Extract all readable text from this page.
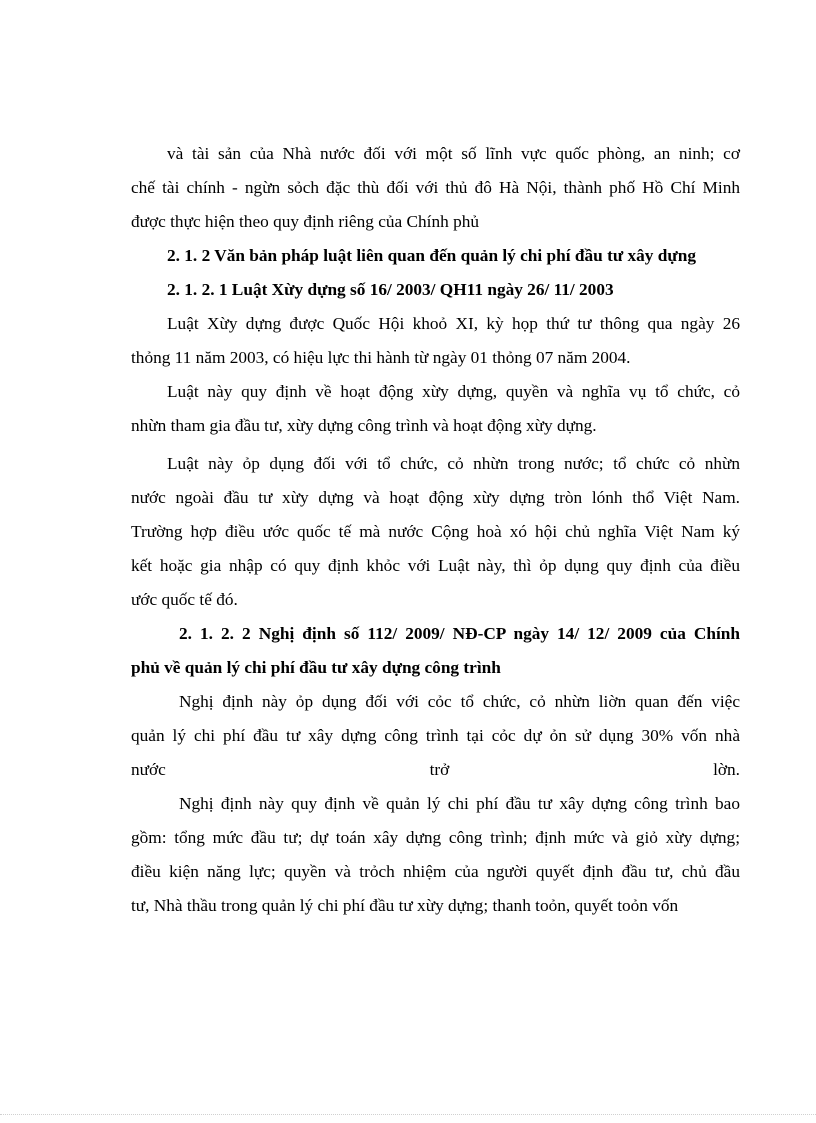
và tài sản của Nhà nước đối với một số lĩnh vực quốc phòng, an ninh; cơ
chế tài chính - ngừn sỏch đặc thù đối với thủ đô Hà Nội, thành phố Hồ Chí Minh
được thực hiện theo quy định riêng của Chính phủ
2. 1. 2 Văn bản pháp luật liên quan đến quản lý chi phí đầu tư xây dựng
2. 1. 2. 1 Luật Xừy dựng số 16/ 2003/ QH11 ngày 26/ 11/ 2003
Luật Xừy dựng được Quốc Hội khoỏ XI, kỳ họp thứ tư thông qua ngày 26
thỏng 11 năm 2003, có hiệu lực thi hành từ ngày 01 thỏng 07 năm 2004.
Luật này quy định về hoạt động xừy dựng, quyền và nghĩa vụ tổ chức, cỏ
nhừn tham gia đầu tư, xừy dựng công trình và hoạt động xừy dựng.
Luật này ỏp dụng đối với tổ chức, cỏ nhừn trong nước; tổ chức cỏ nhừn
nước ngoài đầu tư xừy dựng và hoạt động xừy dựng tròn lónh thổ Việt Nam.
Trường hợp điều ước quốc tế mà nước Cộng hoà xó hội chủ nghĩa Việt Nam ký
kết hoặc gia nhập có quy định khỏc với Luật này, thì ỏp dụng quy định của điều
ước quốc tế đó.
2. 1. 2. 2 Nghị định số 112/ 2009/ NĐ-CP ngày 14/ 12/ 2009 của Chính
phủ về quản lý chi phí đầu tư xây dựng công trình
Nghị định này ỏp dụng đối với cỏc tổ chức, cỏ nhừn liờn quan đến việc
quản lý chi phí đầu tư xây dựng công trình tại cỏc dự ỏn sử dụng 30% vốn nhà
nước	trở	lờn.
Nghị định này quy định về quản lý chi phí đầu tư xây dựng công trình bao
gồm: tổng mức đầu tư; dự toán xây dựng công trình; định mức và giỏ xừy dựng;
điều kiện năng lực; quyền và trỏch nhiệm của người quyết định đầu tư, chủ đầu
tư, Nhà thầu trong quản lý chi phí đầu tư xừy dựng; thanh toỏn, quyết toỏn vốn
